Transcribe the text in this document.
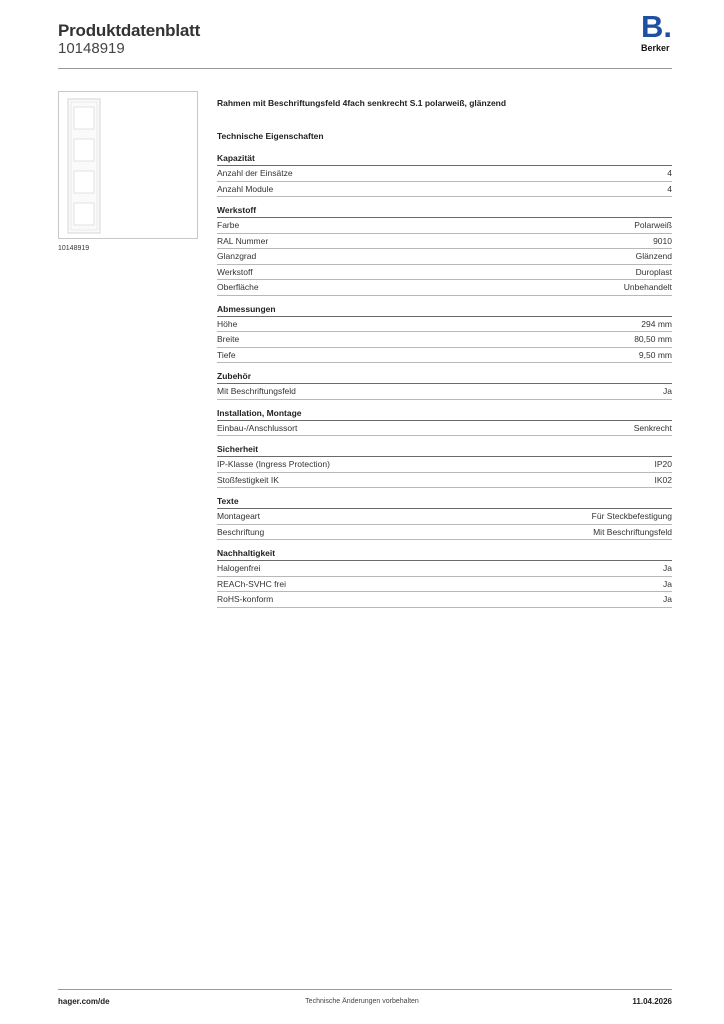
Produktdatenblatt
10148919
B.
Berker
10148919
Rahmen mit Beschriftungsfeld 4fach senkrecht S.1 polarweiß, glänzend
Technische Eigenschaften
Kapazität
Anzahl der Einsätze	4
Anzahl Module	4
Werkstoff
Farbe	Polarweiß
RAL Nummer	9010
Glanzgrad	Glänzend
Werkstoff	Duroplast
Oberfläche	Unbehandelt
Abmessungen
Höhe	294 mm
Breite	80,50 mm
Tiefe	9,50 mm
Zubehör
Mit Beschriftungsfeld	Ja
Installation, Montage
Einbau-/Anschlussort	Senkrecht
Sicherheit
IP-Klasse (Ingress Protection)	IP20
Stoßfestigkeit IK	IK02
Texte
Montageart	Für Steckbefestigung
Beschriftung	Mit Beschriftungsfeld
Nachhaltigkeit
Halogenfrei	Ja
REACh-SVHC frei	Ja
RoHS-konform	Ja
hager.com/de	Technische Änderungen vorbehalten	11.04.2026
